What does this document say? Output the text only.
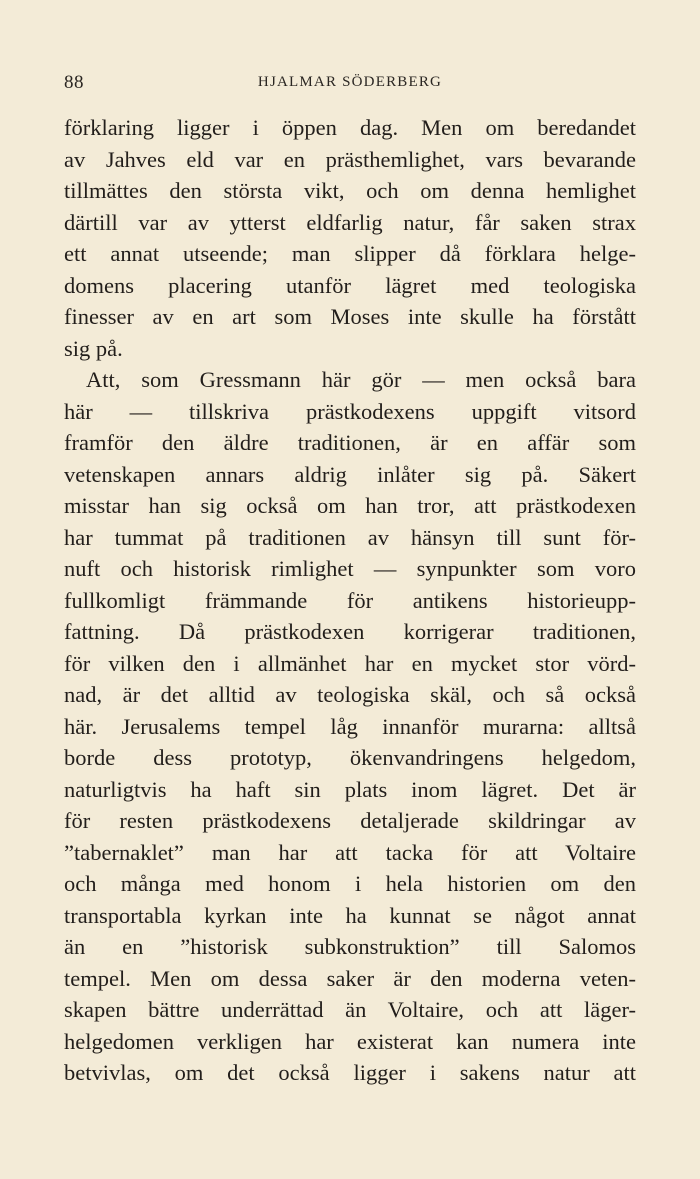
88	HJALMAR SÖDERBERG
förklaring ligger i öppen dag. Men om beredandet
av Jahves eld var en prästhemlighet, vars bevarande
tillmättes den största vikt, och om denna hemlighet
därtill var av ytterst eldfarlig natur, får saken strax
ett annat utseende; man slipper då förklara helge-
domens placering utanför lägret med teologiska
finesser av en art som Moses inte skulle ha förstått
sig på.
Att, som Gressmann här gör — men också bara
här — tillskriva prästkodexens uppgift vitsord
framför den äldre traditionen, är en affär som
vetenskapen annars aldrig inlåter sig på. Säkert
misstar han sig också om han tror, att prästkodexen
har tummat på traditionen av hänsyn till sunt för-
nuft och historisk rimlighet — synpunkter som voro
fullkomligt främmande för antikens historieupp-
fattning. Då prästkodexen korrigerar traditionen,
för vilken den i allmänhet har en mycket stor vörd-
nad, är det alltid av teologiska skäl, och så också
här. Jerusalems tempel låg innanför murarna: alltså
borde dess prototyp, ökenvandringens helgedom,
naturligtvis ha haft sin plats inom lägret. Det är
för resten prästkodexens detaljerade skildringar av
”tabernaklet” man har att tacka för att Voltaire
och många med honom i hela historien om den
transportabla kyrkan inte ha kunnat se något annat
än en ”historisk subkonstruktion” till Salomos
tempel. Men om dessa saker är den moderna veten-
skapen bättre underrättad än Voltaire, och att läger-
helgedomen verkligen har existerat kan numera inte
betvivlas, om det också ligger i sakens natur att
